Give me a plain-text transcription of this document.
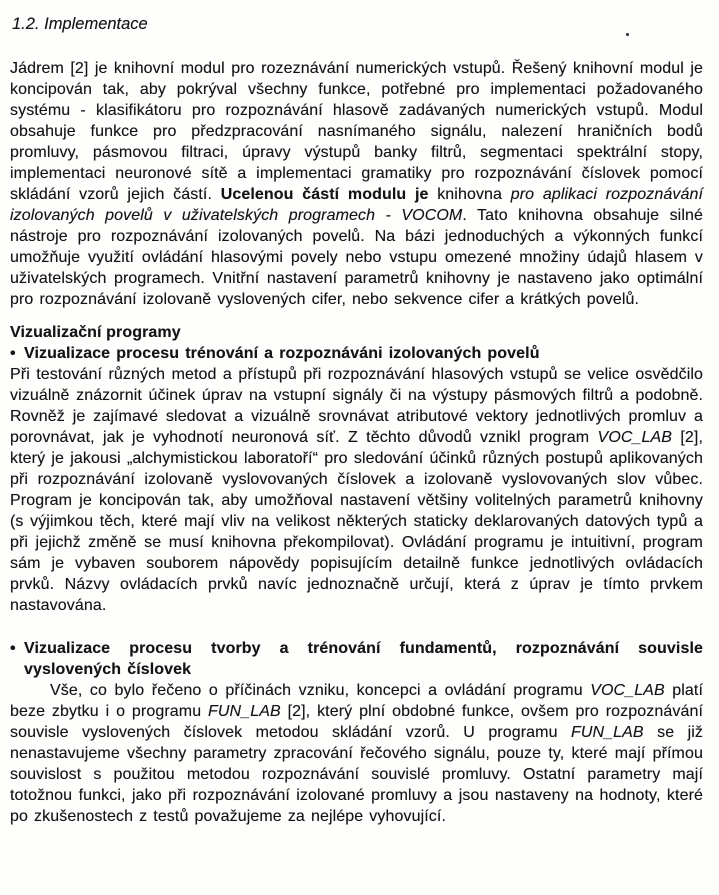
1.2. Implementace

Jádrem [2] je knihovní modul pro rozeznávání numerických vstupů. Řešený knihovní modul je koncipován tak, aby pokrýval všechny funkce, potřebné pro implementaci požadovaného systému - klasifikátoru pro rozpoznávání hlasově zadávaných numerických vstupů. Modul obsahuje funkce pro předzpracování nasnímaného signálu, nalezení hraničních bodů promluvy, pásmovou filtraci, úpravy výstupů banky filtrů, segmentaci spektrální stopy, implementaci neuronové sítě a implementaci gramatiky pro rozpoznávání číslovek pomocí skládání vzorů jejich částí. Ucelenou částí modulu je knihovna pro aplikaci rozpoznávání izolovaných povelů v uživatelských programech - VOCOM. Tato knihovna obsahuje silné nástroje pro rozpoznávání izolovaných povelů. Na bázi jednoduchých a výkonných funkcí umožňuje využití ovládání hlasovými povely nebo vstupu omezené množiny údajů hlasem v uživatelských programech. Vnitřní nastavení parametrů knihovny je nastaveno jako optimální pro rozpoznávání izolovaně vyslovených cifer, nebo sekvence cifer a krátkých povelů.

Vizualizační programy
• Vizualizace procesu trénování a rozpoznáváni izolovaných povelů

Při testování různých metod a přístupů při rozpoznávání hlasových vstupů se velice osvědčilo vizuálně znázornit účinek úprav na vstupní signály či na výstupy pásmových filtrů a podobně. Rovněž je zajímavé sledovat a vizuálně srovnávat atributové vektory jednotlivých promluv a porovnávat, jak je vyhodnotí neuronová síť. Z těchto důvodů vznikl program VOC_LAB [2], který je jakousi „alchymistickou laboratoří“ pro sledování účinků různých postupů aplikovaných při rozpoznávání izolovaně vyslovovaných číslovek a izolovaně vyslovovaných slov vůbec. Program je koncipován tak, aby umožňoval nastavení většiny volitelných parametrů knihovny (s výjimkou těch, které mají vliv na velikost některých staticky deklarovaných datových typů a při jejichž změně se musí knihovna překompilovat). Ovládání programu je intuitivní, program sám je vybaven souborem nápovědy popisujícím detailně funkce jednotlivých ovládacích prvků. Názvy ovládacích prvků navíc jednoznačně určují, která z úprav je tímto prvkem nastavována.

• Vizualizace procesu tvorby a trénování fundamentů, rozpoznávání souvisle vyslovených číslovek

Vše, co bylo řečeno o příčinách vzniku, koncepci a ovládání programu VOC_LAB platí beze zbytku i o programu FUN_LAB [2], který plní obdobné funkce, ovšem pro rozpoznávání souvisle vyslovených číslovek metodou skládání vzorů. U programu FUN_LAB se již nenastavujeme všechny parametry zpracování řečového signálu, pouze ty, které mají přímou souvislost s použitou metodou rozpoznávání souvislé promluvy. Ostatní parametry mají totožnou funkci, jako při rozpoznávání izolované promluvy a jsou nastaveny na hodnoty, které po zkušenostech z testů považujeme za nejlépe vyhovující.
